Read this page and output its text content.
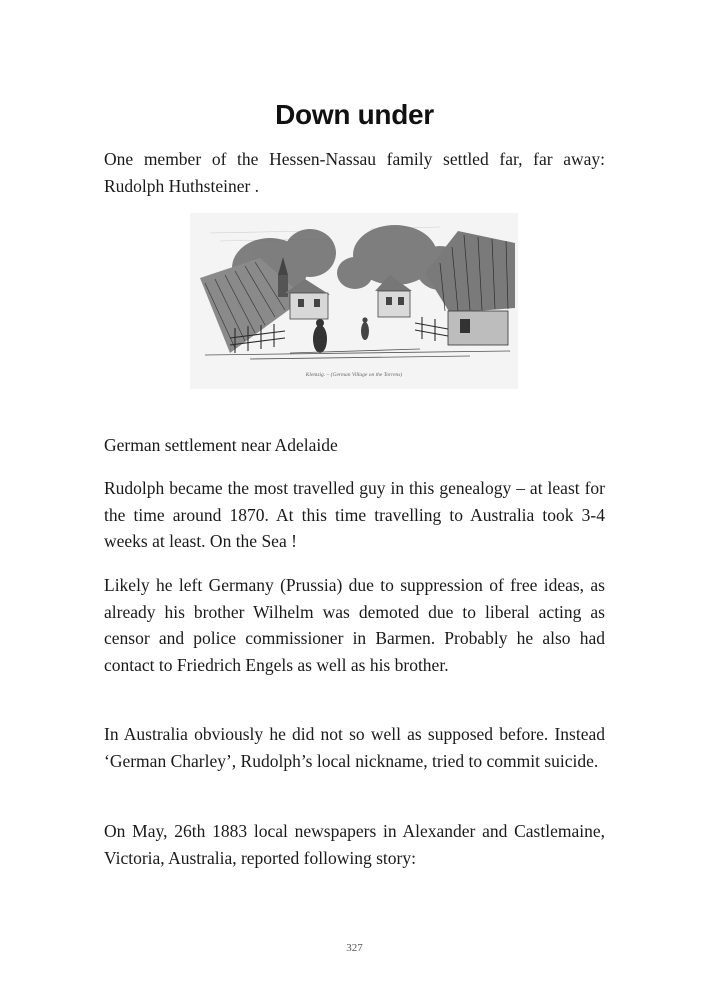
Down under

One member of the Hessen-Nassau family settled far, far away: Rudolph Huthsteiner .

Klemzig. – (German Village on the Torrens)

German settlement near Adelaide

Rudolph became the most travelled guy in this genealogy – at least for the time around 1870. At this time travelling to Australia took 3-4 weeks at least. On the Sea !

Likely he left Germany (Prussia) due to suppression of free ideas, as already his brother Wilhelm was demoted due to liberal acting as censor and police commissioner in Barmen. Probably he also had contact to Friedrich Engels as well as his brother.

In Australia obviously he did not so well as supposed before. Instead ‘German Charley’, Rudolph’s local nickname, tried to commit suicide.

On May, 26th 1883 local newspapers in Alexander and Castlemaine, Victoria, Australia, reported following story:

327
